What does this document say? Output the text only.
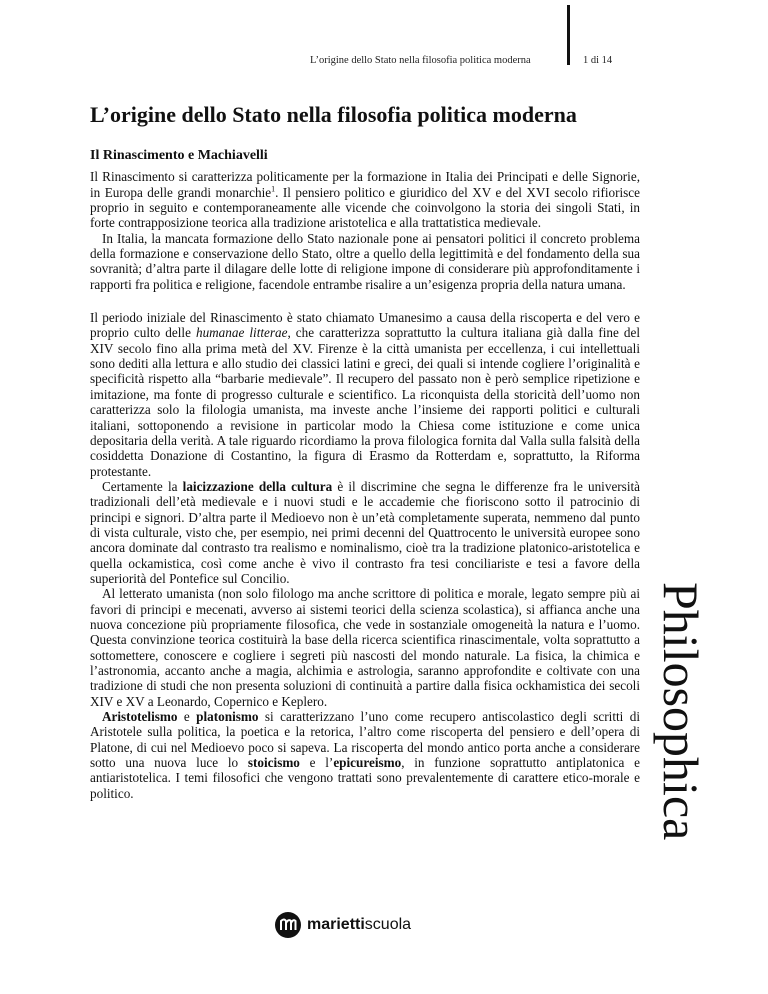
L’origine dello Stato nella filosofia politica moderna	1 di 14
L’origine dello Stato nella filosofia politica moderna
Il Rinascimento e Machiavelli

Il Rinascimento si caratterizza politicamente per la formazione in Italia dei Principati e delle Signorie, in Europa delle grandi monarchie$^1$. Il pensiero politico e giuridico del XV e del XVI secolo rifiorisce proprio in seguito e contemporaneamente alle vicende che coinvolgono la storia dei singoli Stati, in forte contrapposizione teorica alla tradizione aristotelica e alla trattatistica medievale.

In Italia, la mancata formazione dello Stato nazionale pone ai pensatori politici il concreto problema della formazione e conservazione dello Stato, oltre a quello della legittimità e del fondamento della sua sovranità; d’altra parte il dilagare delle lotte di religione impone di considerare più approfonditamente i rapporti fra politica e religione, facendole entrambe risalire a un’esigenza propria della natura umana.

Il periodo iniziale del Rinascimento è stato chiamato Umanesimo a causa della riscoperta e del vero e proprio culto delle humanae litterae, che caratterizza soprattutto la cultura italiana già dalla fine del XIV secolo fino alla prima metà del XV. Firenze è la città umanista per eccellenza, i cui intellettuali sono dediti alla lettura e allo studio dei classici latini e greci, dei quali si intende cogliere l’originalità e specificità rispetto alla “barbarie medievale”. Il recupero del passato non è però semplice ripetizione e imitazione, ma fonte di progresso culturale e scientifico. La riconquista della storicità dell’uomo non caratterizza solo la filologia umanista, ma investe anche l’insieme dei rapporti politici e culturali italiani, sottoponendo a revisione in particolar modo la Chiesa come istituzione e come unica depositaria della verità. A tale riguardo ricordiamo la prova filologica fornita dal Valla sulla falsità della cosiddetta Donazione di Costantino, la figura di Erasmo da Rotterdam e, soprattutto, la Riforma protestante.

Certamente la laicizzazione della cultura è il discrimine che segna le differenze fra le università tradizionali dell’età medievale e i nuovi studi e le accademie che fioriscono sotto il patrocinio di principi e signori. D’altra parte il Medioevo non è un’età completamente superata, nemmeno dal punto di vista culturale, visto che, per esempio, nei primi decenni del Quattrocento le università europee sono ancora dominate dal contrasto tra realismo e nominalismo, cioè tra la tradizione platonico-aristotelica e quella ockamistica, così come anche è vivo il contrasto fra tesi conciliariste e tesi a favore della superiorità del Pontefice sul Concilio.

Al letterato umanista (non solo filologo ma anche scrittore di politica e morale, legato sempre più ai favori di principi e mecenati, avverso ai sistemi teorici della scienza scolastica), si affianca anche una nuova concezione più propriamente filosofica, che vede in sostanziale omogeneità la natura e l’uomo. Questa convinzione teorica costituirà la base della ricerca scientifica rinascimentale, volta soprattutto a sottomettere, conoscere e cogliere i segreti più nascosti del mondo naturale. La fisica, la chimica e l’astronomia, accanto anche a magia, alchimia e astrologia, saranno approfondite e coltivate con una tradizione di studi che non presenta soluzioni di continuità a partire dalla fisica ockhamistica dei secoli XIV e XV a Leonardo, Copernico e Keplero.

Aristotelismo e platonismo si caratterizzano l’uno come recupero antiscolastico degli scritti di Aristotele sulla politica, la poetica e la retorica, l’altro come riscoperta del pensiero e dell’opera di Platone, di cui nel Medioevo poco si sapeva. La riscoperta del mondo antico porta anche a considerare sotto una nuova luce lo stoicismo e l’epicureismo, in funzione soprattutto antiplatonica e antiaristotelica. I temi filosofici che vengono trattati sono prevalentemente di carattere etico-morale e politico.	Philosophica
mariettiscuola
